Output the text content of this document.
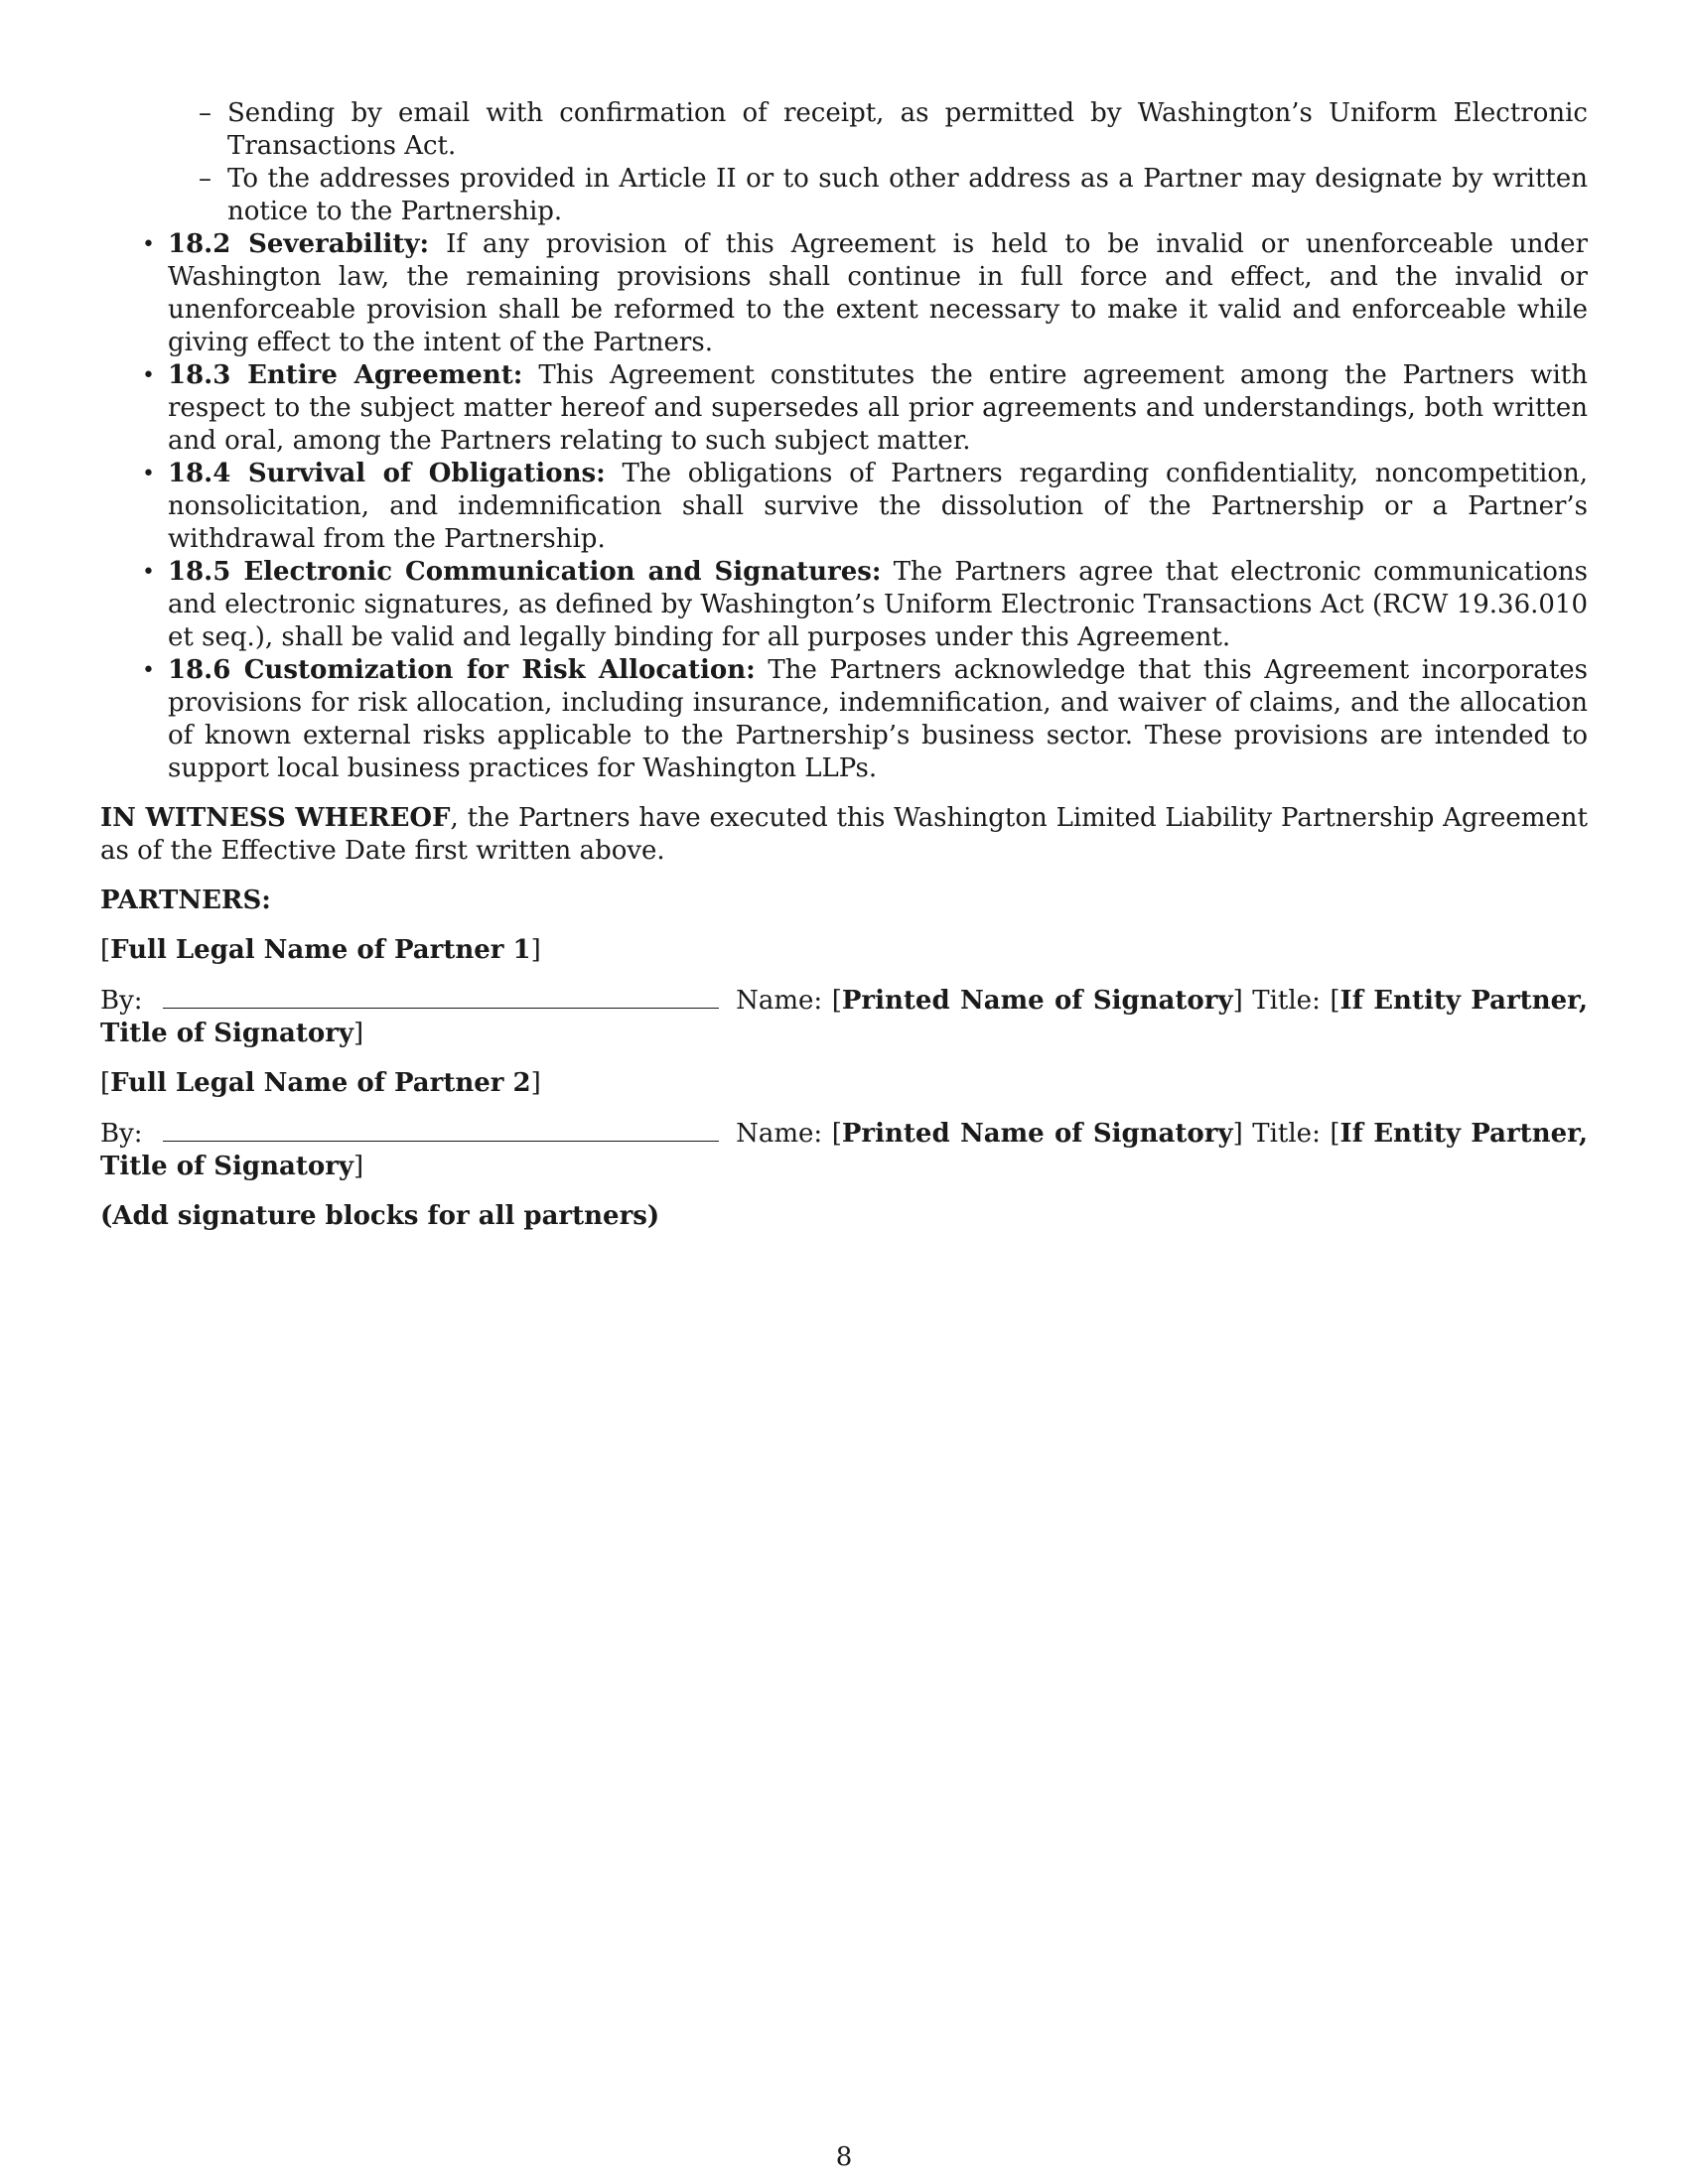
– Sending by email with confirmation of receipt, as permitted by Washington’s Uniform Electronic Transactions Act.
– To the addresses provided in Article II or to such other address as a Partner may designate by written notice to the Partnership.
• 18.2 Severability: If any provision of this Agreement is held to be invalid or unenforceable under Washington law, the remaining provisions shall continue in full force and effect, and the invalid or unenforceable provision shall be reformed to the extent necessary to make it valid and enforceable while giving effect to the intent of the Partners.
• 18.3 Entire Agreement: This Agreement constitutes the entire agreement among the Partners with respect to the subject matter hereof and supersedes all prior agreements and understandings, both written and oral, among the Partners relating to such subject matter.
• 18.4 Survival of Obligations: The obligations of Partners regarding confidentiality, noncompetition, nonsolicitation, and indemnification shall survive the dissolution of the Partnership or a Partner’s withdrawal from the Partnership.
• 18.5 Electronic Communication and Signatures: The Partners agree that electronic communications and electronic signatures, as defined by Washington’s Uniform Electronic Transactions Act (RCW 19.36.010 et seq.), shall be valid and legally binding for all purposes under this Agreement.
• 18.6 Customization for Risk Allocation: The Partners acknowledge that this Agreement incorporates provisions for risk allocation, including insurance, indemnification, and waiver of claims, and the allocation of known external risks applicable to the Partnership’s business sector. These provisions are intended to support local business practices for Washington LLPs.

IN WITNESS WHEREOF, the Partners have executed this Washington Limited Liability Partnership Agreement as of the Effective Date first written above.

PARTNERS:

[Full Legal Name of Partner 1]

By:	Name: [Printed Name of Signatory] Title: [If Entity Partner, Title of Signatory]

[Full Legal Name of Partner 2]

By:	Name: [Printed Name of Signatory] Title: [If Entity Partner, Title of Signatory]

(Add signature blocks for all partners)

8
